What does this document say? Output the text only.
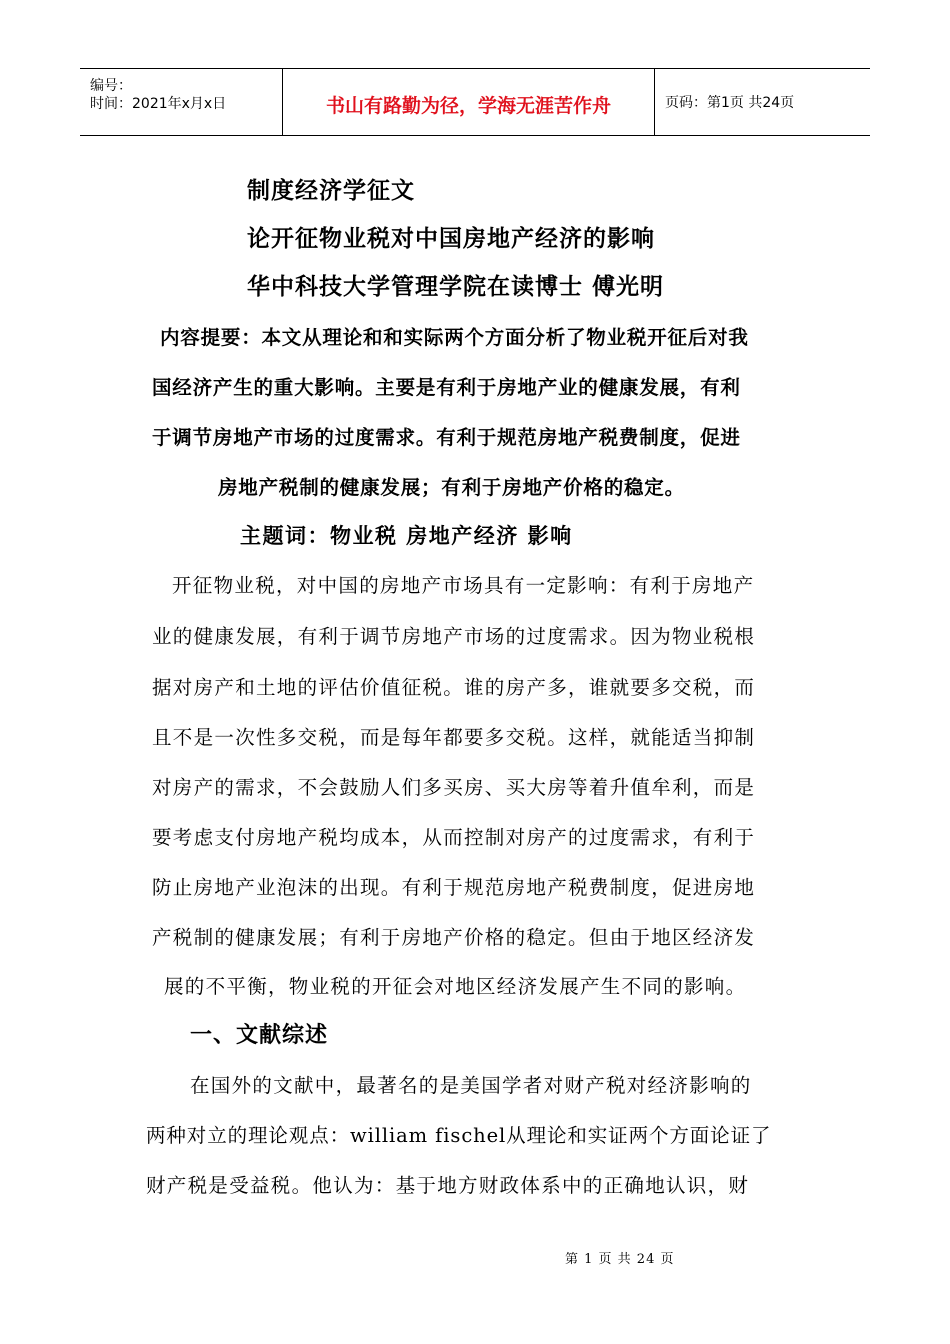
编号：
时间：2021年x月x日	书山有路勤为径，学海无涯苦作舟	页码：第1页 共24页
制度经济学征文
论开征物业税对中国房地产经济的影响
华中科技大学管理学院在读博士 傅光明
内容提要：本文从理论和和实际两个方面分析了物业税开征后对我
国经济产生的重大影响。主要是有利于房地产业的健康发展，有利
于调节房地产市场的过度需求。有利于规范房地产税费制度，促进
房地产税制的健康发展；有利于房地产价格的稳定。
主题词：物业税 房地产经济 影响
开征物业税，对中国的房地产市场具有一定影响：有利于房地产
业的健康发展，有利于调节房地产市场的过度需求。因为物业税根
据对房产和土地的评估价值征税。谁的房产多，谁就要多交税，而
且不是一次性多交税，而是每年都要多交税。这样，就能适当抑制
对房产的需求，不会鼓励人们多买房、买大房等着升值牟利，而是
要考虑支付房地产税均成本，从而控制对房产的过度需求，有利于
防止房地产业泡沫的出现。有利于规范房地产税费制度，促进房地
产税制的健康发展；有利于房地产价格的稳定。但由于地区经济发
展的不平衡，物业税的开征会对地区经济发展产生不同的影响。
一、文献综述
在国外的文献中，最著名的是美国学者对财产税对经济影响的
两种对立的理论观点：william fischel从理论和实证两个方面论证了
财产税是受益税。他认为：基于地方财政体系中的正确地认识，财
第 1 页 共 24 页
